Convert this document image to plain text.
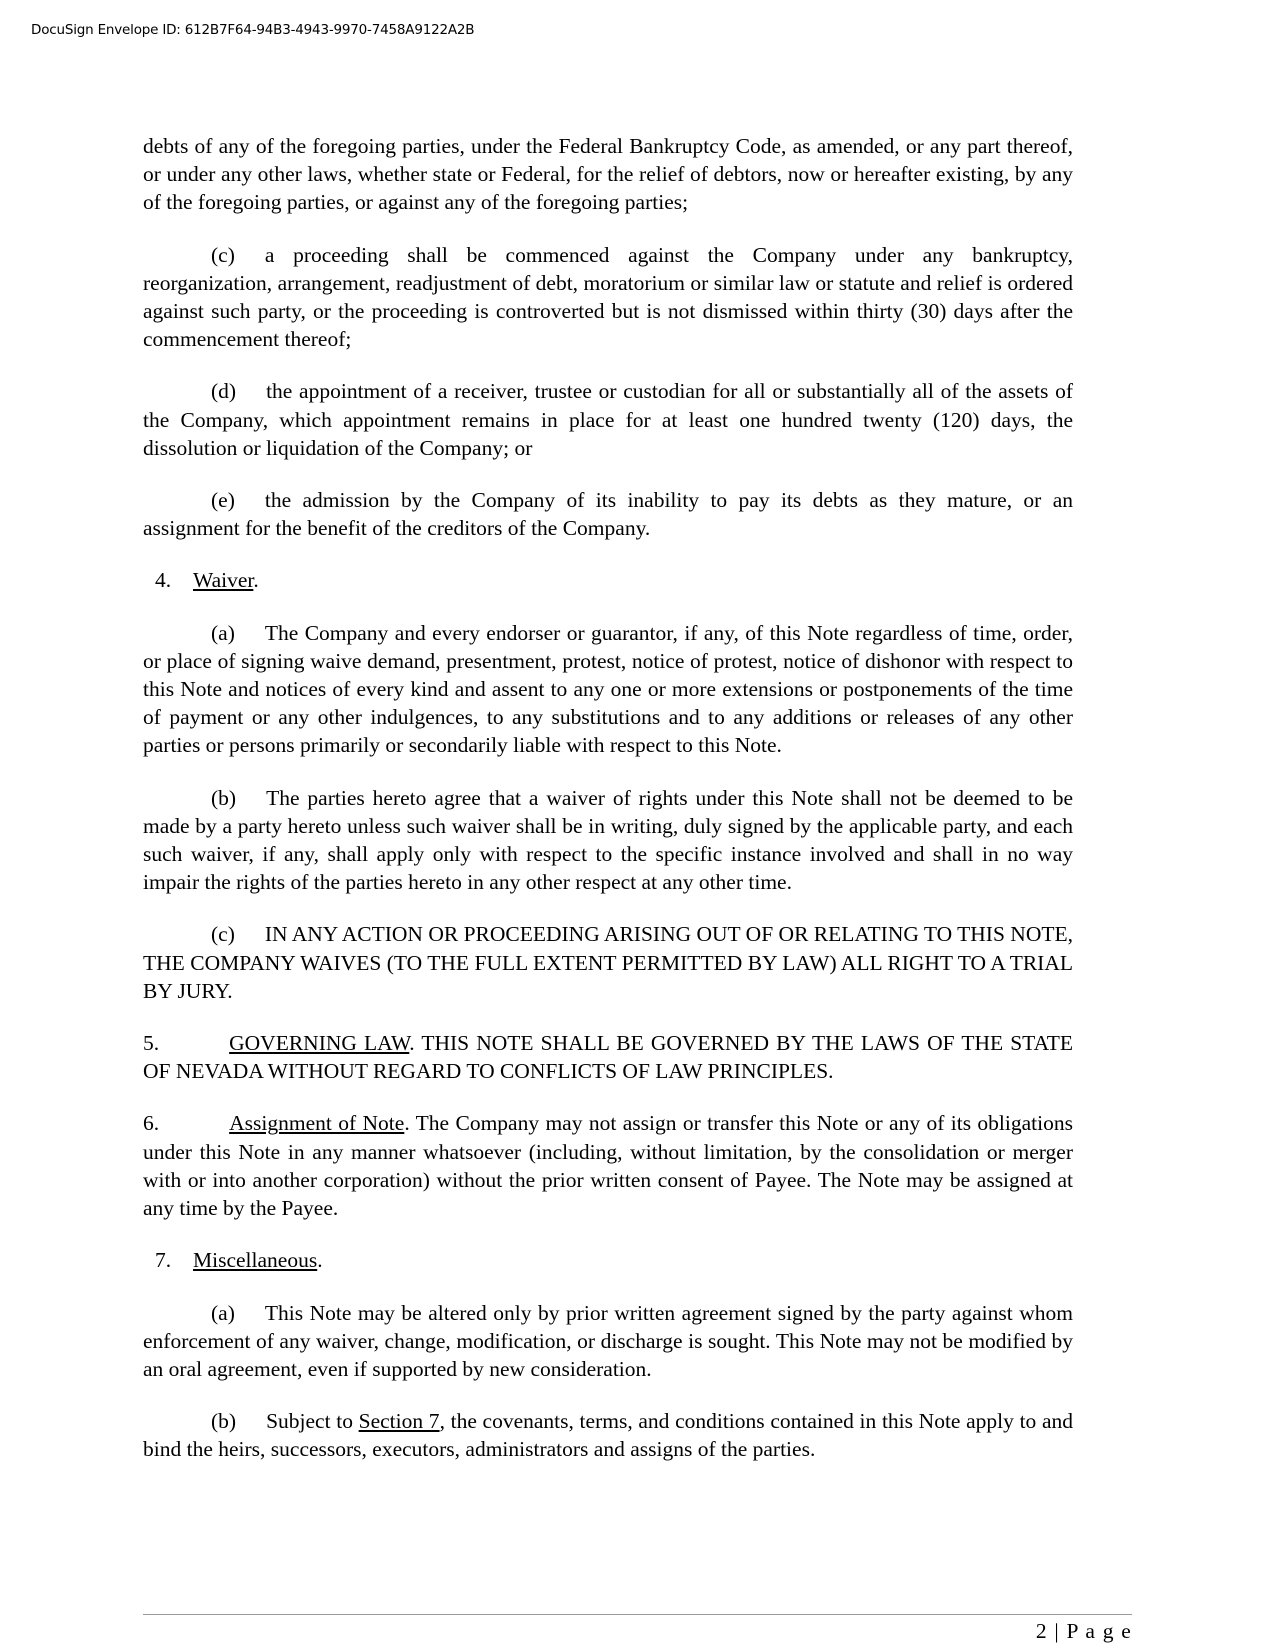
DocuSign Envelope ID: 612B7F64-94B3-4943-9970-7458A9122A2B

debts of any of the foregoing parties, under the Federal Bankruptcy Code, as amended, or any part thereof, or under any other laws, whether state or Federal, for the relief of debtors, now or hereafter existing, by any of the foregoing parties, or against any of the foregoing parties;

(c) a proceeding shall be commenced against the Company under any bankruptcy, reorganization, arrangement, readjustment of debt, moratorium or similar law or statute and relief is ordered against such party, or the proceeding is controverted but is not dismissed within thirty (30) days after the commencement thereof;

(d) the appointment of a receiver, trustee or custodian for all or substantially all of the assets of the Company, which appointment remains in place for at least one hundred twenty (120) days, the dissolution or liquidation of the Company; or

(e) the admission by the Company of its inability to pay its debts as they mature, or an assignment for the benefit of the creditors of the Company.

4. Waiver.

(a) The Company and every endorser or guarantor, if any, of this Note regardless of time, order, or place of signing waive demand, presentment, protest, notice of protest, notice of dishonor with respect to this Note and notices of every kind and assent to any one or more extensions or postponements of the time of payment or any other indulgences, to any substitutions and to any additions or releases of any other parties or persons primarily or secondarily liable with respect to this Note.

(b) The parties hereto agree that a waiver of rights under this Note shall not be deemed to be made by a party hereto unless such waiver shall be in writing, duly signed by the applicable party, and each such waiver, if any, shall apply only with respect to the specific instance involved and shall in no way impair the rights of the parties hereto in any other respect at any other time.

(c) IN ANY ACTION OR PROCEEDING ARISING OUT OF OR RELATING TO THIS NOTE, THE COMPANY WAIVES (TO THE FULL EXTENT PERMITTED BY LAW) ALL RIGHT TO A TRIAL BY JURY.

5.	GOVERNING LAW. THIS NOTE SHALL BE GOVERNED BY THE LAWS OF THE STATE OF NEVADA WITHOUT REGARD TO CONFLICTS OF LAW PRINCIPLES.

6.	Assignment of Note. The Company may not assign or transfer this Note or any of its obligations under this Note in any manner whatsoever (including, without limitation, by the consolidation or merger with or into another corporation) without the prior written consent of Payee. The Note may be assigned at any time by the Payee.

7. Miscellaneous.

(a) This Note may be altered only by prior written agreement signed by the party against whom enforcement of any waiver, change, modification, or discharge is sought. This Note may not be modified by an oral agreement, even if supported by new consideration.

(b) Subject to Section 7, the covenants, terms, and conditions contained in this Note apply to and bind the heirs, successors, executors, administrators and assigns of the parties.

2 | P a g e
